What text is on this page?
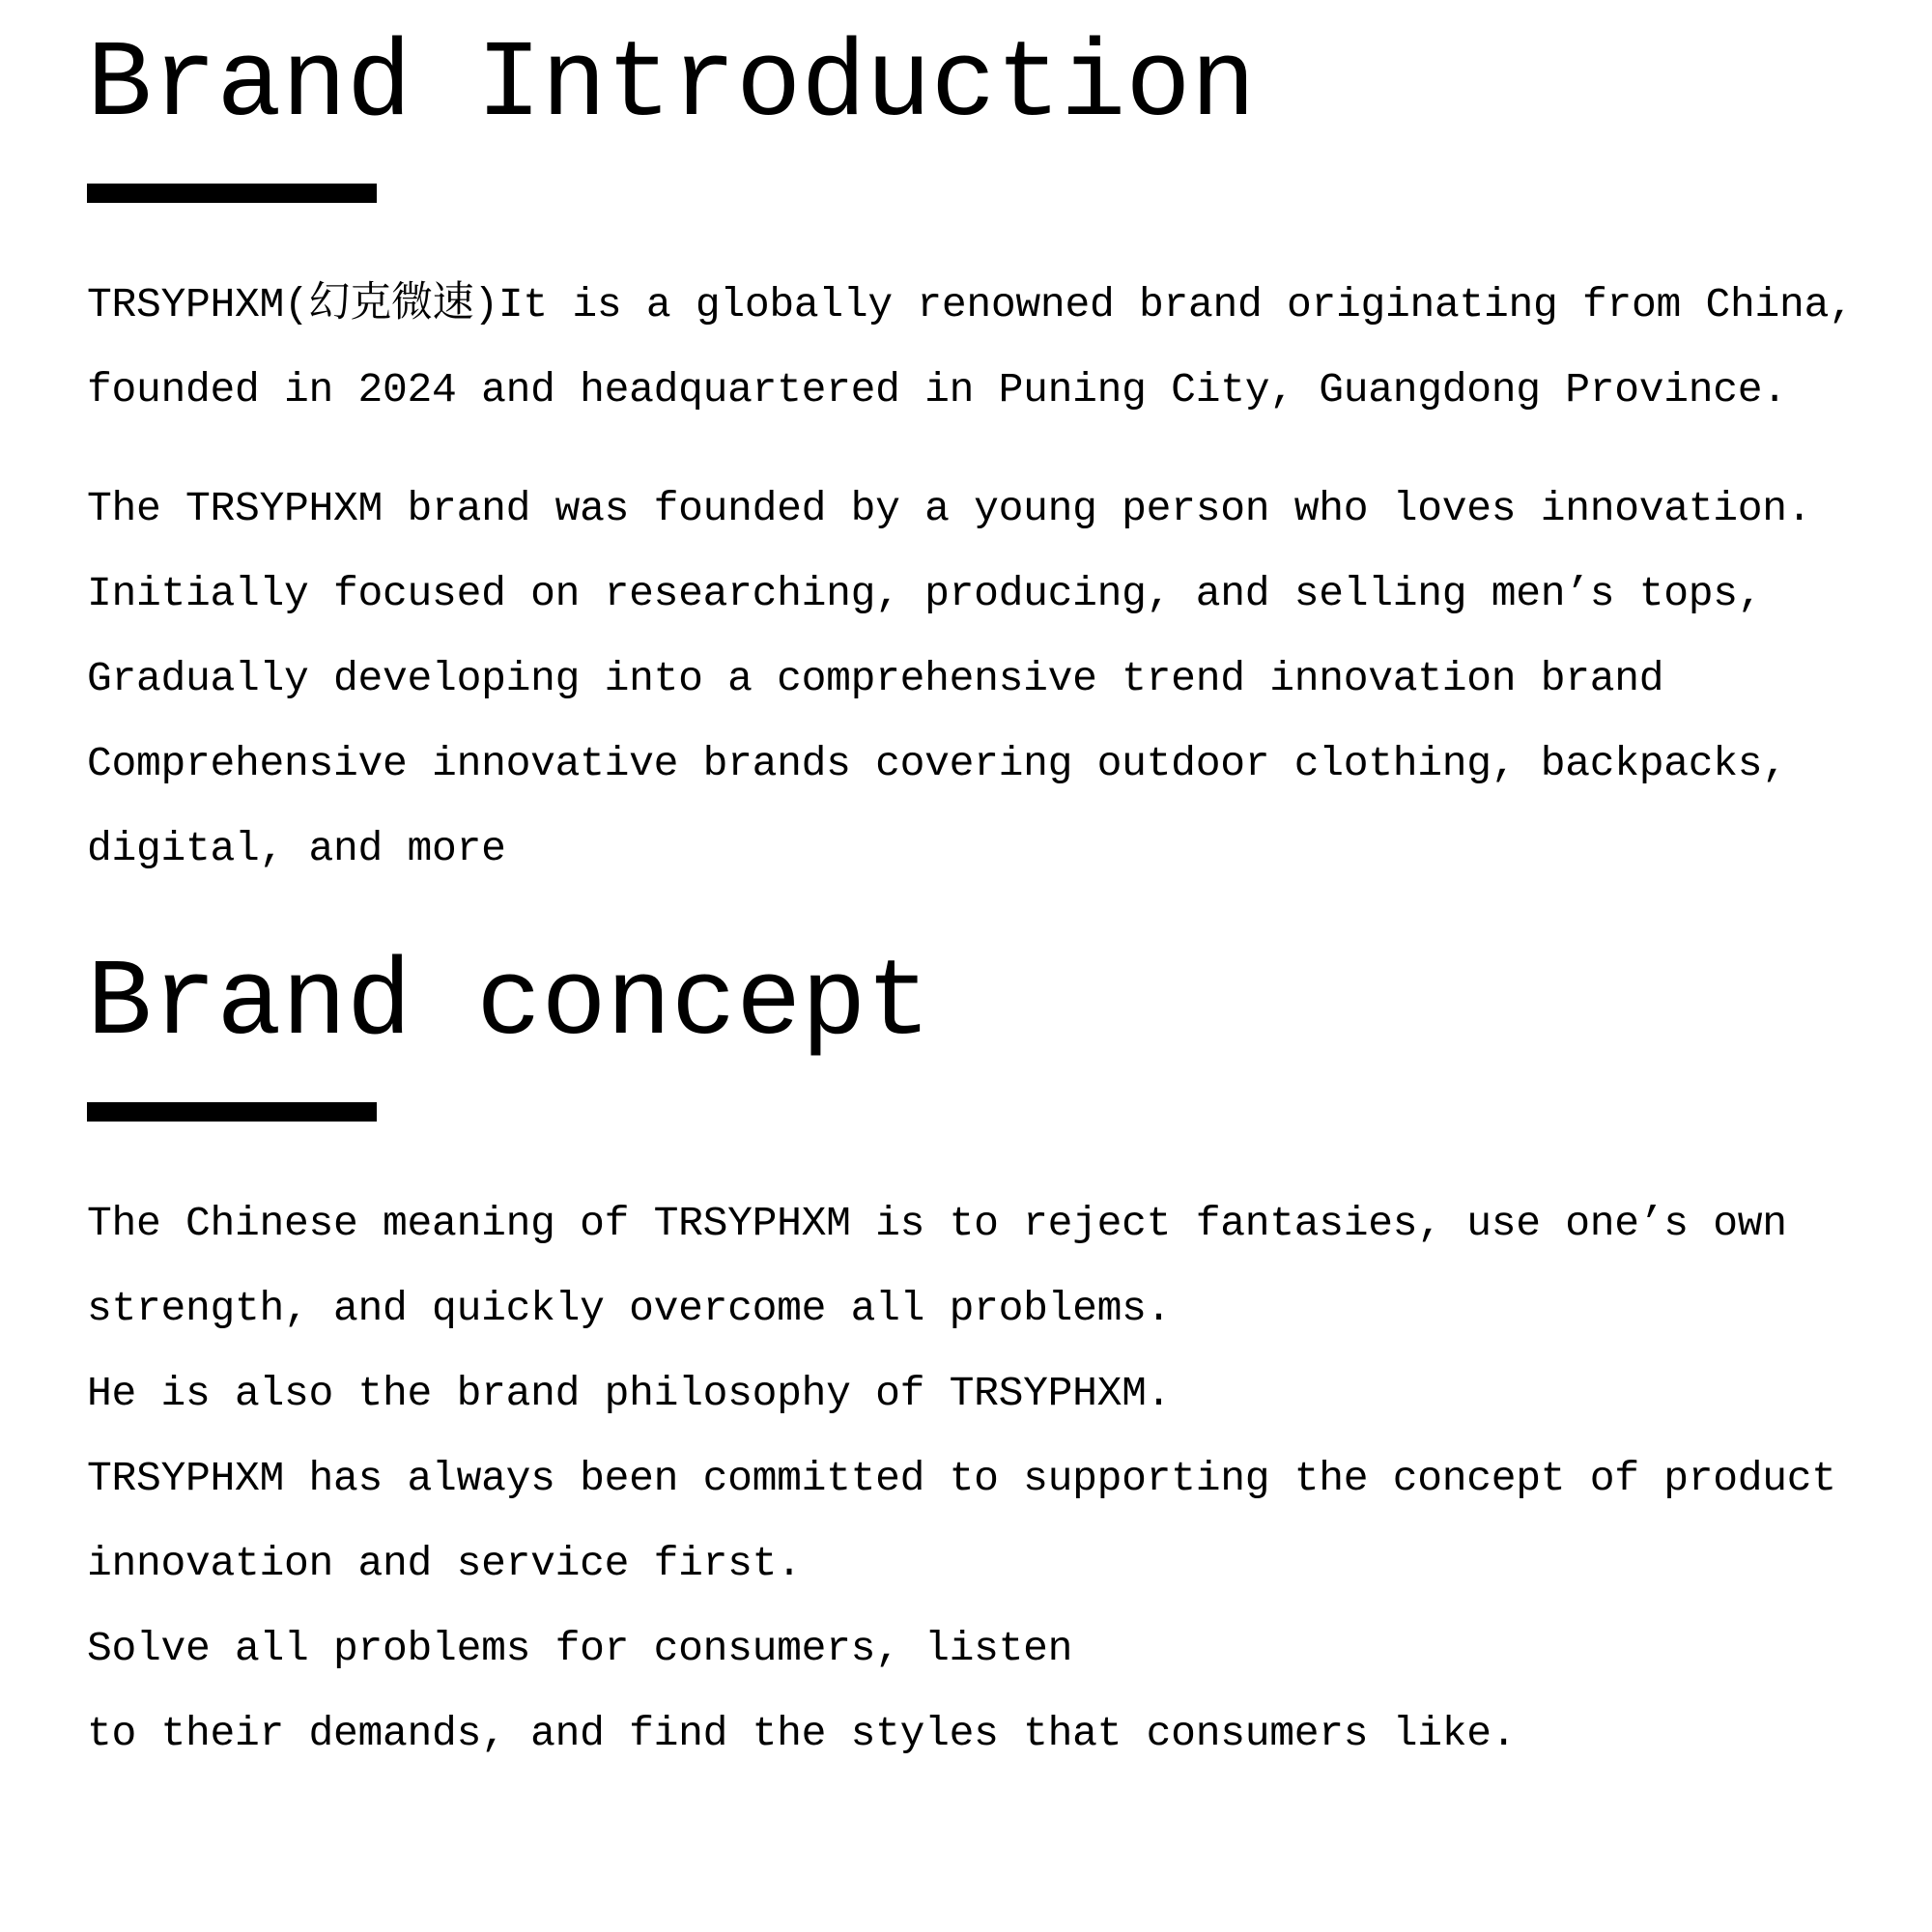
Brand Introduction
TRSYPHXM(幻克微速)It is a globally renowned brand originating from China,
founded in 2024 and headquartered in Puning City, Guangdong Province.
The TRSYPHXM brand was founded by a young person who loves innovation.
Initially focused on researching, producing, and selling men’s tops,
Gradually developing into a comprehensive trend innovation brand
Comprehensive innovative brands covering outdoor clothing, backpacks,
digital, and more
Brand concept
The Chinese meaning of TRSYPHXM is to reject fantasies, use one’s own
strength, and quickly overcome all problems.
He is also the brand philosophy of TRSYPHXM.
TRSYPHXM has always been committed to supporting the concept of product
innovation and service first.
Solve all problems for consumers, listen
to their demands, and find the styles that consumers like.
